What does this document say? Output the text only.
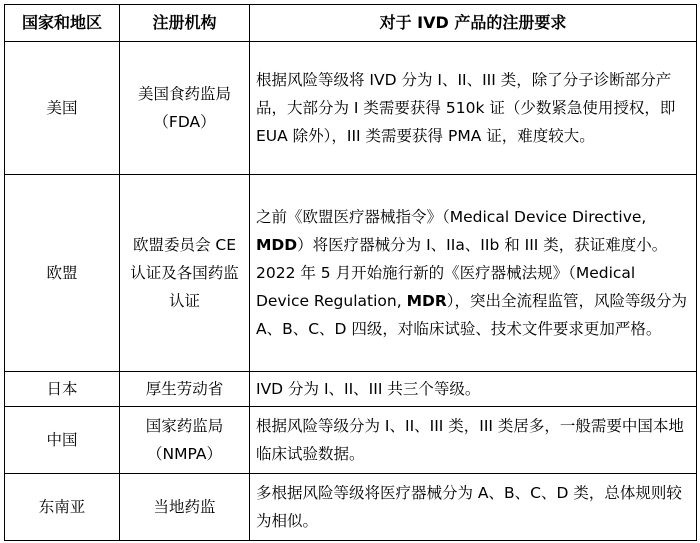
国家和地区	注册机构	对于 IVD 产品的注册要求
美国	美国食药监局（FDA）	根据风险等级将 IVD 分为 I、II、III 类，除了分子诊断部分产品，大部分为 I 类需要获得 510k 证（少数紧急使用授权，即 EUA 除外），III 类需要获得 PMA 证，难度较大。
欧盟	欧盟委员会 CE 认证及各国药监认证	之前《欧盟医疗器械指令》（Medical Device Directive, MDD）将医疗器械分为 I、IIa、IIb 和 III 类，获证难度小。2022 年 5 月开始施行新的《医疗器械法规》（Medical Device Regulation, MDR），突出全流程监管，风险等级分为 A、B、C、D 四级，对临床试验、技术文件要求更加严格。
日本	厚生劳动省	IVD 分为 I、II、III 共三个等级。
中国	国家药监局（NMPA）	根据风险等级分为 I、II、III 类，III 类居多，一般需要中国本地临床试验数据。
东南亚	当地药监	多根据风险等级将医疗器械分为 A、B、C、D 类，总体规则较为相似。
